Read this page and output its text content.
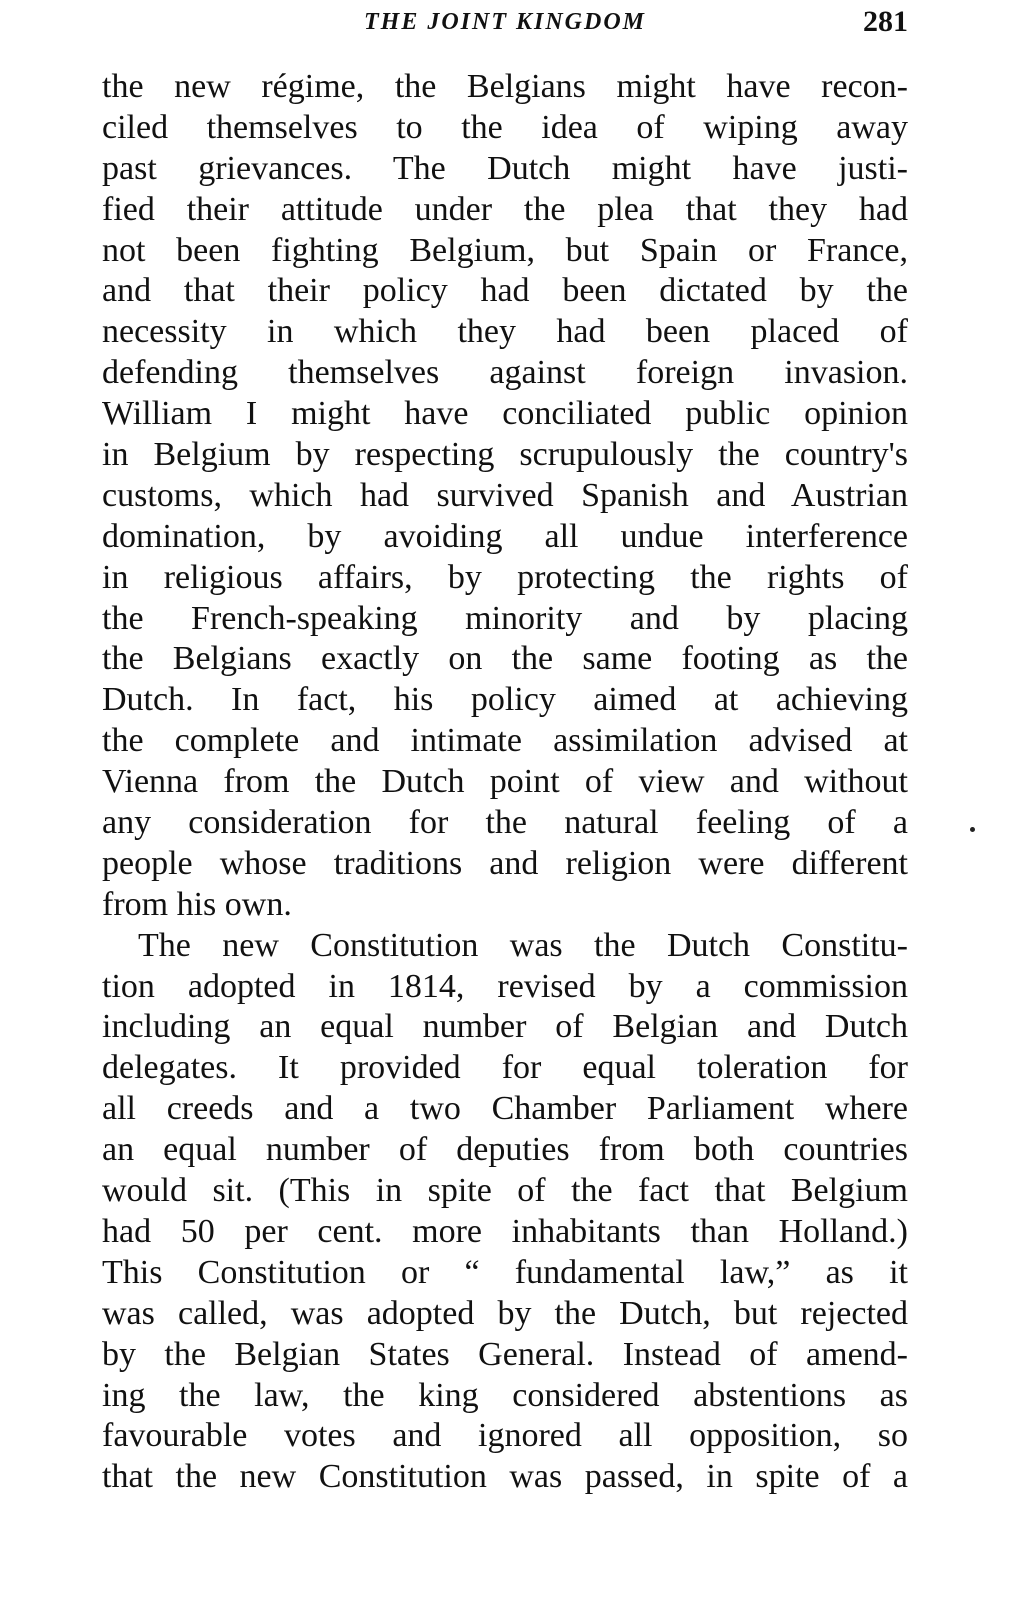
THE JOINT KINGDOM	281
the new régime, the Belgians might have recon-
ciled themselves to the idea of wiping away
past grievances. The Dutch might have justi-
fied their attitude under the plea that they had
not been fighting Belgium, but Spain or France,
and that their policy had been dictated by the
necessity in which they had been placed of
defending themselves against foreign invasion.
William I might have conciliated public opinion
in Belgium by respecting scrupulously the country's
customs, which had survived Spanish and Austrian
domination, by avoiding all undue interference
in religious affairs, by protecting the rights of
the French-speaking minority and by placing
the Belgians exactly on the same footing as the
Dutch. In fact, his policy aimed at achieving
the complete and intimate assimilation advised at
Vienna from the Dutch point of view and without
any consideration for the natural feeling of a
people whose traditions and religion were different
from his own.
The new Constitution was the Dutch Constitu-
tion adopted in 1814, revised by a commission
including an equal number of Belgian and Dutch
delegates. It provided for equal toleration for
all creeds and a two Chamber Parliament where
an equal number of deputies from both countries
would sit. (This in spite of the fact that Belgium
had 50 per cent. more inhabitants than Holland.)
This Constitution or “ fundamental law,” as it
was called, was adopted by the Dutch, but rejected
by the Belgian States General. Instead of amend-
ing the law, the king considered abstentions as
favourable votes and ignored all opposition, so
that the new Constitution was passed, in spite of a
